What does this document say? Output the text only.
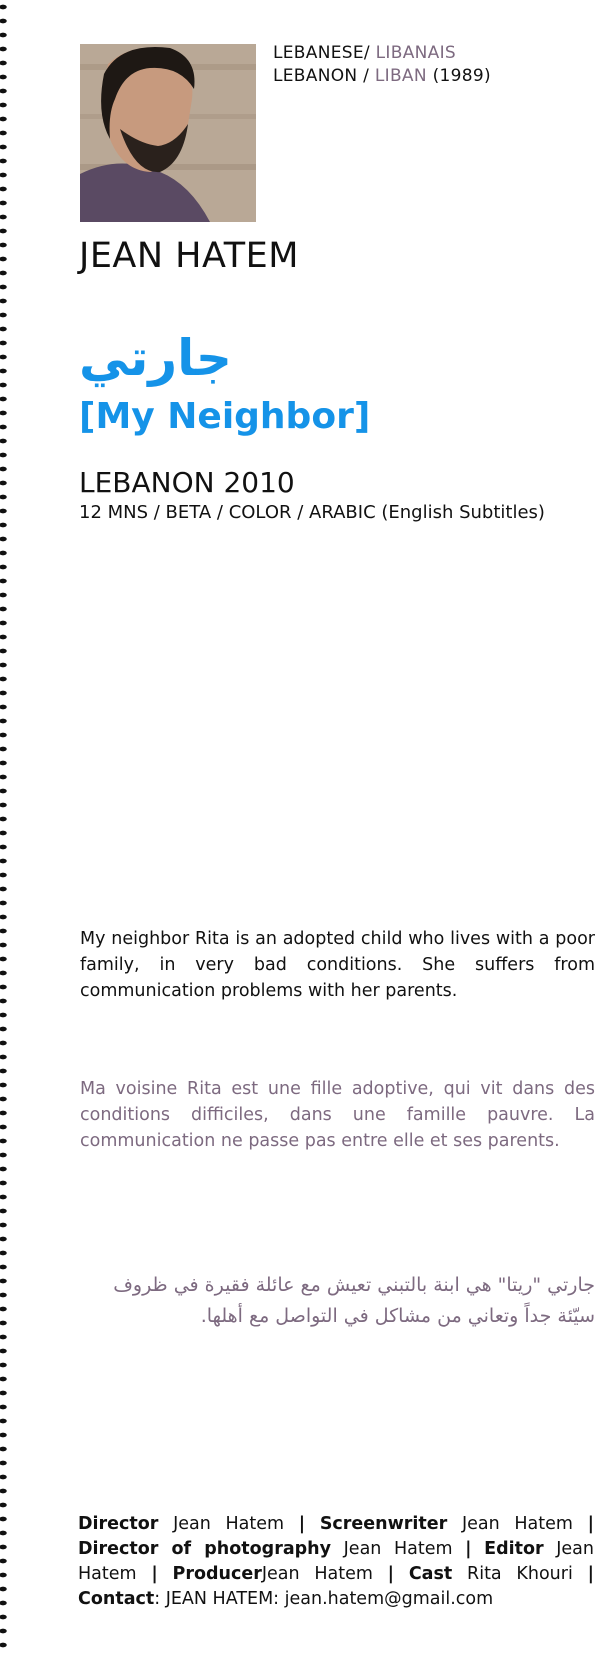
LEBANESE/ LIBANAIS
LEBANON / LIBAN (1989)
JEAN HATEM
جارتي
[My Neighbor]
LEBANON 2010
12 MNS / BETA / COLOR / ARABIC (English Subtitles)

My neighbor Rita is an adopted child who lives with a poor family, in very bad conditions. She suffers from communication problems with her parents.

Ma voisine Rita est une fille adoptive, qui vit dans des conditions difficiles, dans une famille pauvre. La communication ne passe pas entre elle et ses parents.

جارتي "ريتا" هي ابنة بالتبني تعيش مع عائلة فقيرة في ظروف سيّئة جداً وتعاني من مشاكل في التواصل مع أهلها.

Director Jean Hatem | Screenwriter Jean Hatem | Director of photography Jean Hatem | Editor Jean Hatem | ProducerJean Hatem | Cast Rita Khouri | Contact: JEAN HATEM: jean.hatem@gmail.com
